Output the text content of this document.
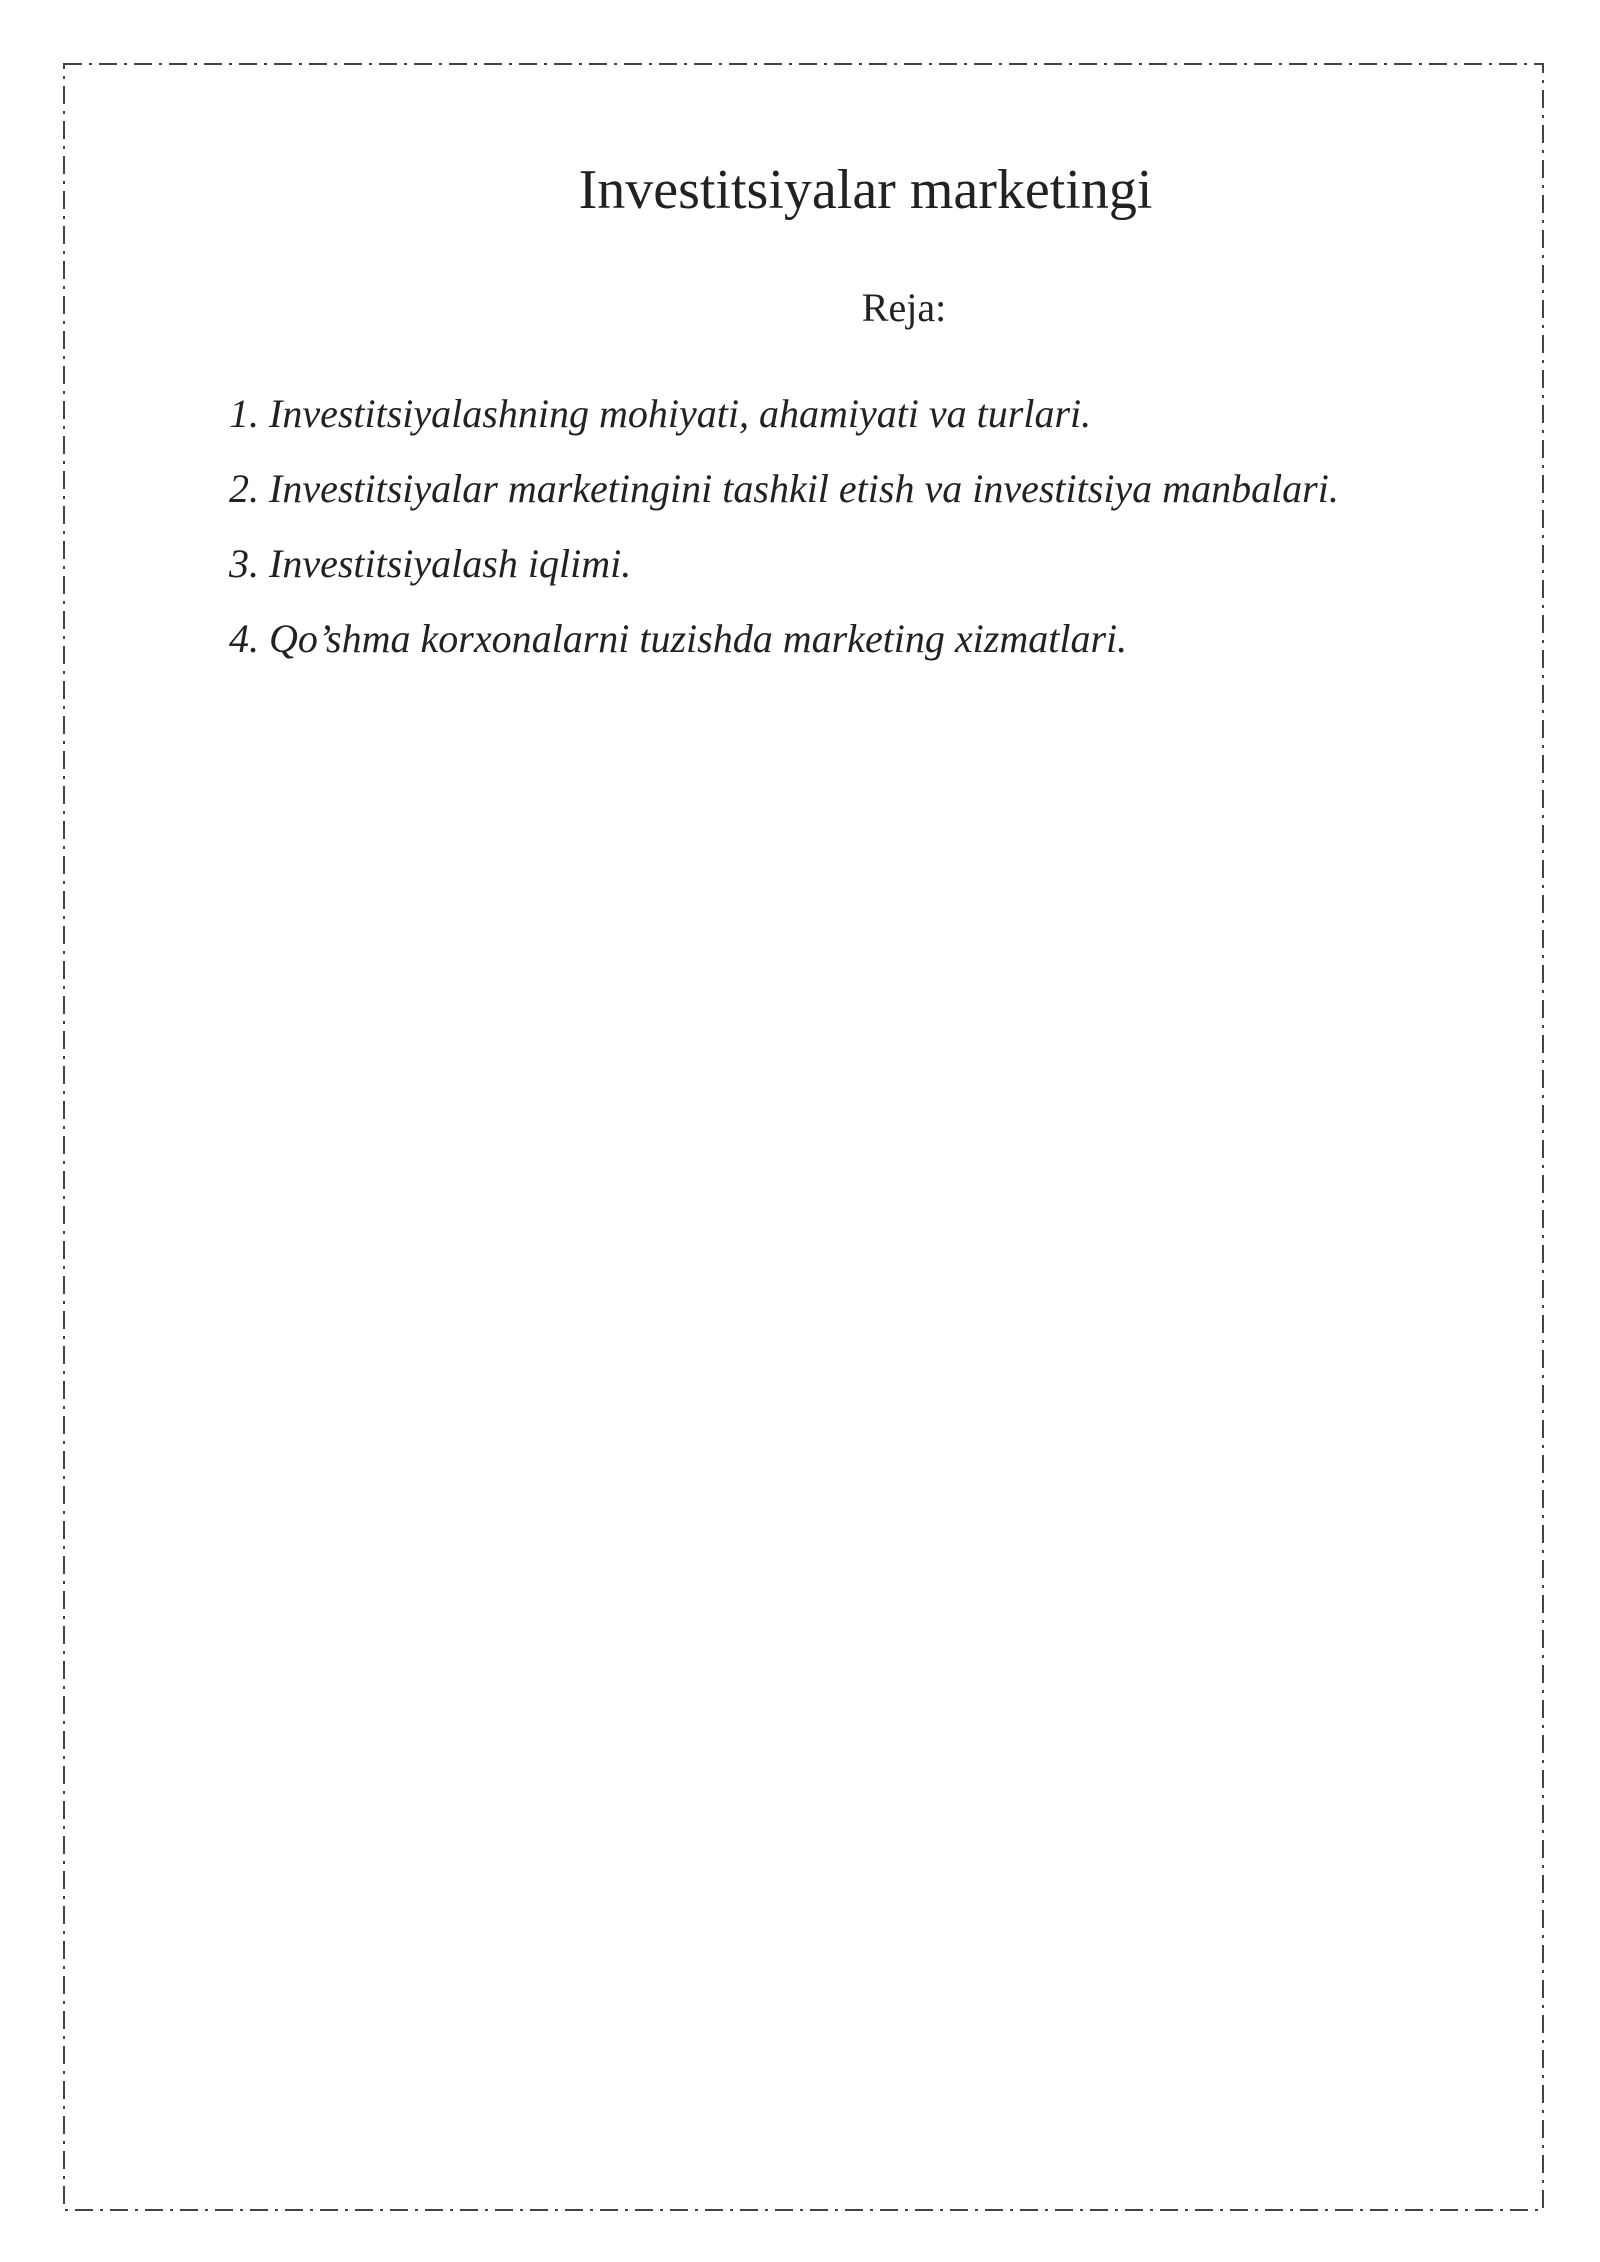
Investitsiyalar marketingi

Reja:

1. Investitsiyalashning mohiyati, ahamiyati va turlari.
2. Investitsiyalar marketingini tashkil etish va investitsiya manbalari.
3. Investitsiyalash iqlimi.
4. Qo’shma korxonalarni tuzishda marketing xizmatlari.
